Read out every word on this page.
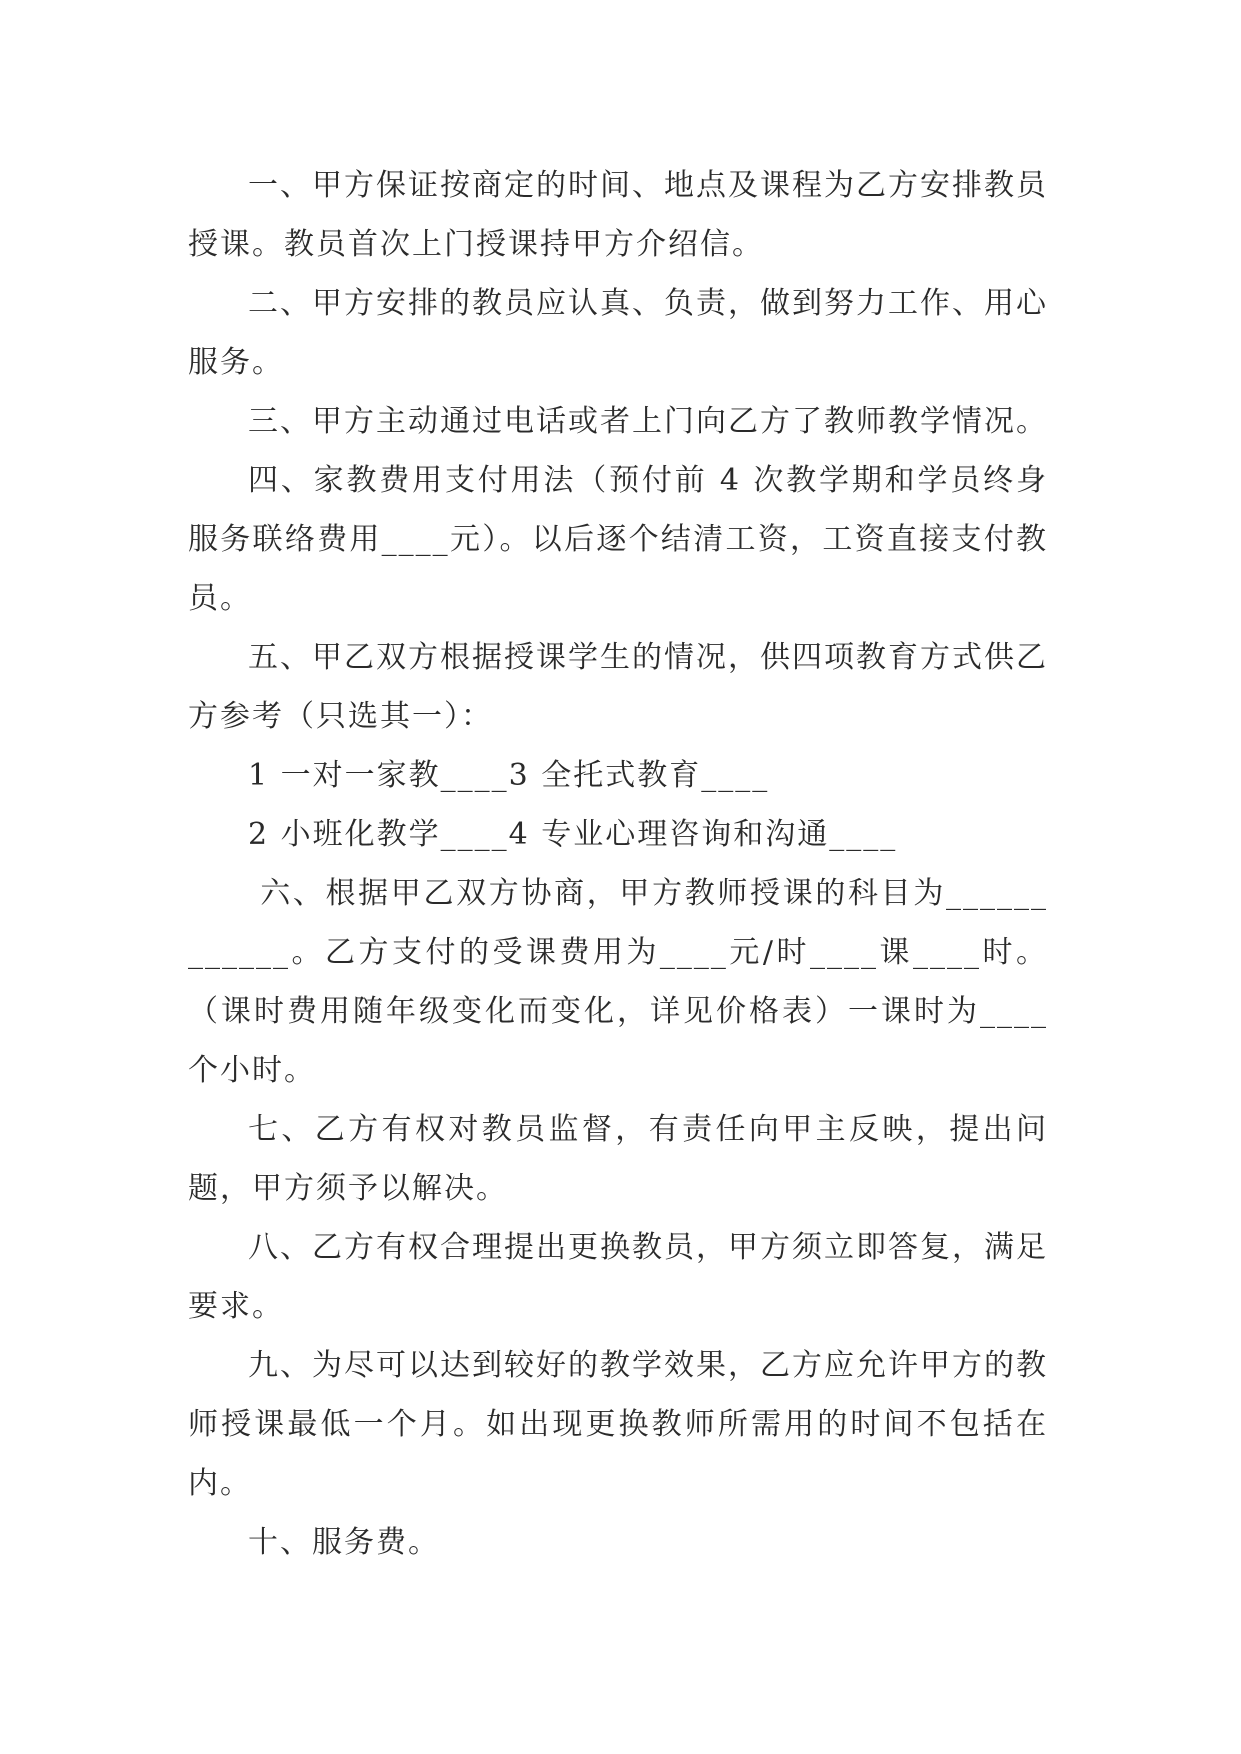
一、甲方保证按商定的时间、地点及课程为乙方安排教员授课。教员首次上门授课持甲方介绍信。

二、甲方安排的教员应认真、负责，做到努力工作、用心服务。

三、甲方主动通过电话或者上门向乙方了教师教学情况。

四、家教费用支付用法（预付前 4 次教学期和学员终身服务联络费用____元）。以后逐个结清工资，工资直接支付教员。

五、甲乙双方根据授课学生的情况，供四项教育方式供乙方参考（只选其一）：

1 一对一家教____3 全托式教育____

2 小班化教学____4 专业心理咨询和沟通____

六、根据甲乙双方协商，甲方教师授课的科目为____________。乙方支付的受课费用为____元/时____课____时。（课时费用随年级变化而变化，详见价格表）一课时为____个小时。

七、乙方有权对教员监督，有责任向甲主反映，提出问题，甲方须予以解决。

八、乙方有权合理提出更换教员，甲方须立即答复，满足要求。

九、为尽可以达到较好的教学效果，乙方应允许甲方的教师授课最低一个月。如出现更换教师所需用的时间不包括在内。

十、服务费。
